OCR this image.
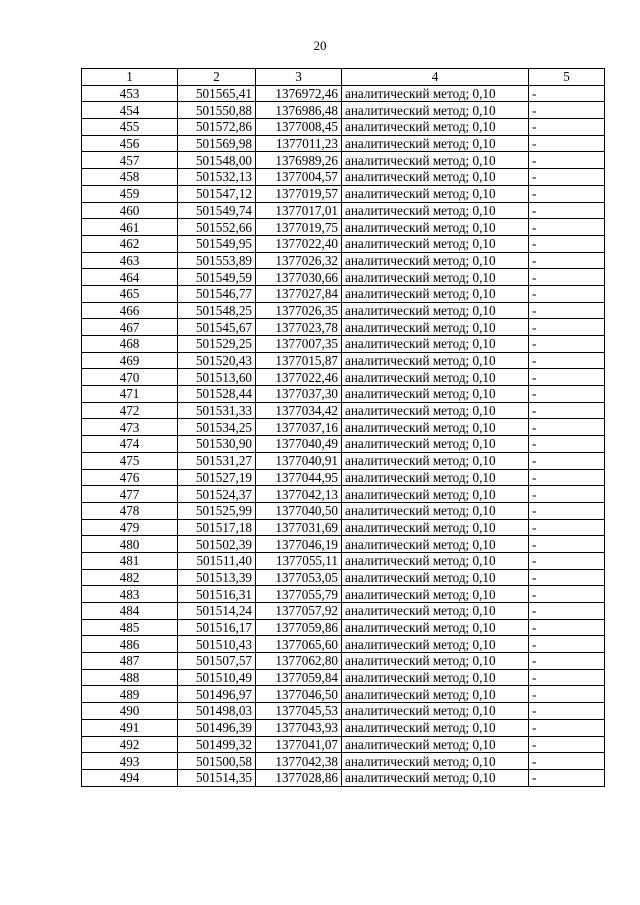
20
1	2	3	4	5
453	501565,41	1376972,46	аналитический метод; 0,10	-
454	501550,88	1376986,48	аналитический метод; 0,10	-
455	501572,86	1377008,45	аналитический метод; 0,10	-
456	501569,98	1377011,23	аналитический метод; 0,10	-
457	501548,00	1376989,26	аналитический метод; 0,10	-
458	501532,13	1377004,57	аналитический метод; 0,10	-
459	501547,12	1377019,57	аналитический метод; 0,10	-
460	501549,74	1377017,01	аналитический метод; 0,10	-
461	501552,66	1377019,75	аналитический метод; 0,10	-
462	501549,95	1377022,40	аналитический метод; 0,10	-
463	501553,89	1377026,32	аналитический метод; 0,10	-
464	501549,59	1377030,66	аналитический метод; 0,10	-
465	501546,77	1377027,84	аналитический метод; 0,10	-
466	501548,25	1377026,35	аналитический метод; 0,10	-
467	501545,67	1377023,78	аналитический метод; 0,10	-
468	501529,25	1377007,35	аналитический метод; 0,10	-
469	501520,43	1377015,87	аналитический метод; 0,10	-
470	501513,60	1377022,46	аналитический метод; 0,10	-
471	501528,44	1377037,30	аналитический метод; 0,10	-
472	501531,33	1377034,42	аналитический метод; 0,10	-
473	501534,25	1377037,16	аналитический метод; 0,10	-
474	501530,90	1377040,49	аналитический метод; 0,10	-
475	501531,27	1377040,91	аналитический метод; 0,10	-
476	501527,19	1377044,95	аналитический метод; 0,10	-
477	501524,37	1377042,13	аналитический метод; 0,10	-
478	501525,99	1377040,50	аналитический метод; 0,10	-
479	501517,18	1377031,69	аналитический метод; 0,10	-
480	501502,39	1377046,19	аналитический метод; 0,10	-
481	501511,40	1377055,11	аналитический метод; 0,10	-
482	501513,39	1377053,05	аналитический метод; 0,10	-
483	501516,31	1377055,79	аналитический метод; 0,10	-
484	501514,24	1377057,92	аналитический метод; 0,10	-
485	501516,17	1377059,86	аналитический метод; 0,10	-
486	501510,43	1377065,60	аналитический метод; 0,10	-
487	501507,57	1377062,80	аналитический метод; 0,10	-
488	501510,49	1377059,84	аналитический метод; 0,10	-
489	501496,97	1377046,50	аналитический метод; 0,10	-
490	501498,03	1377045,53	аналитический метод; 0,10	-
491	501496,39	1377043,93	аналитический метод; 0,10	-
492	501499,32	1377041,07	аналитический метод; 0,10	-
493	501500,58	1377042,38	аналитический метод; 0,10	-
494	501514,35	1377028,86	аналитический метод; 0,10	-
